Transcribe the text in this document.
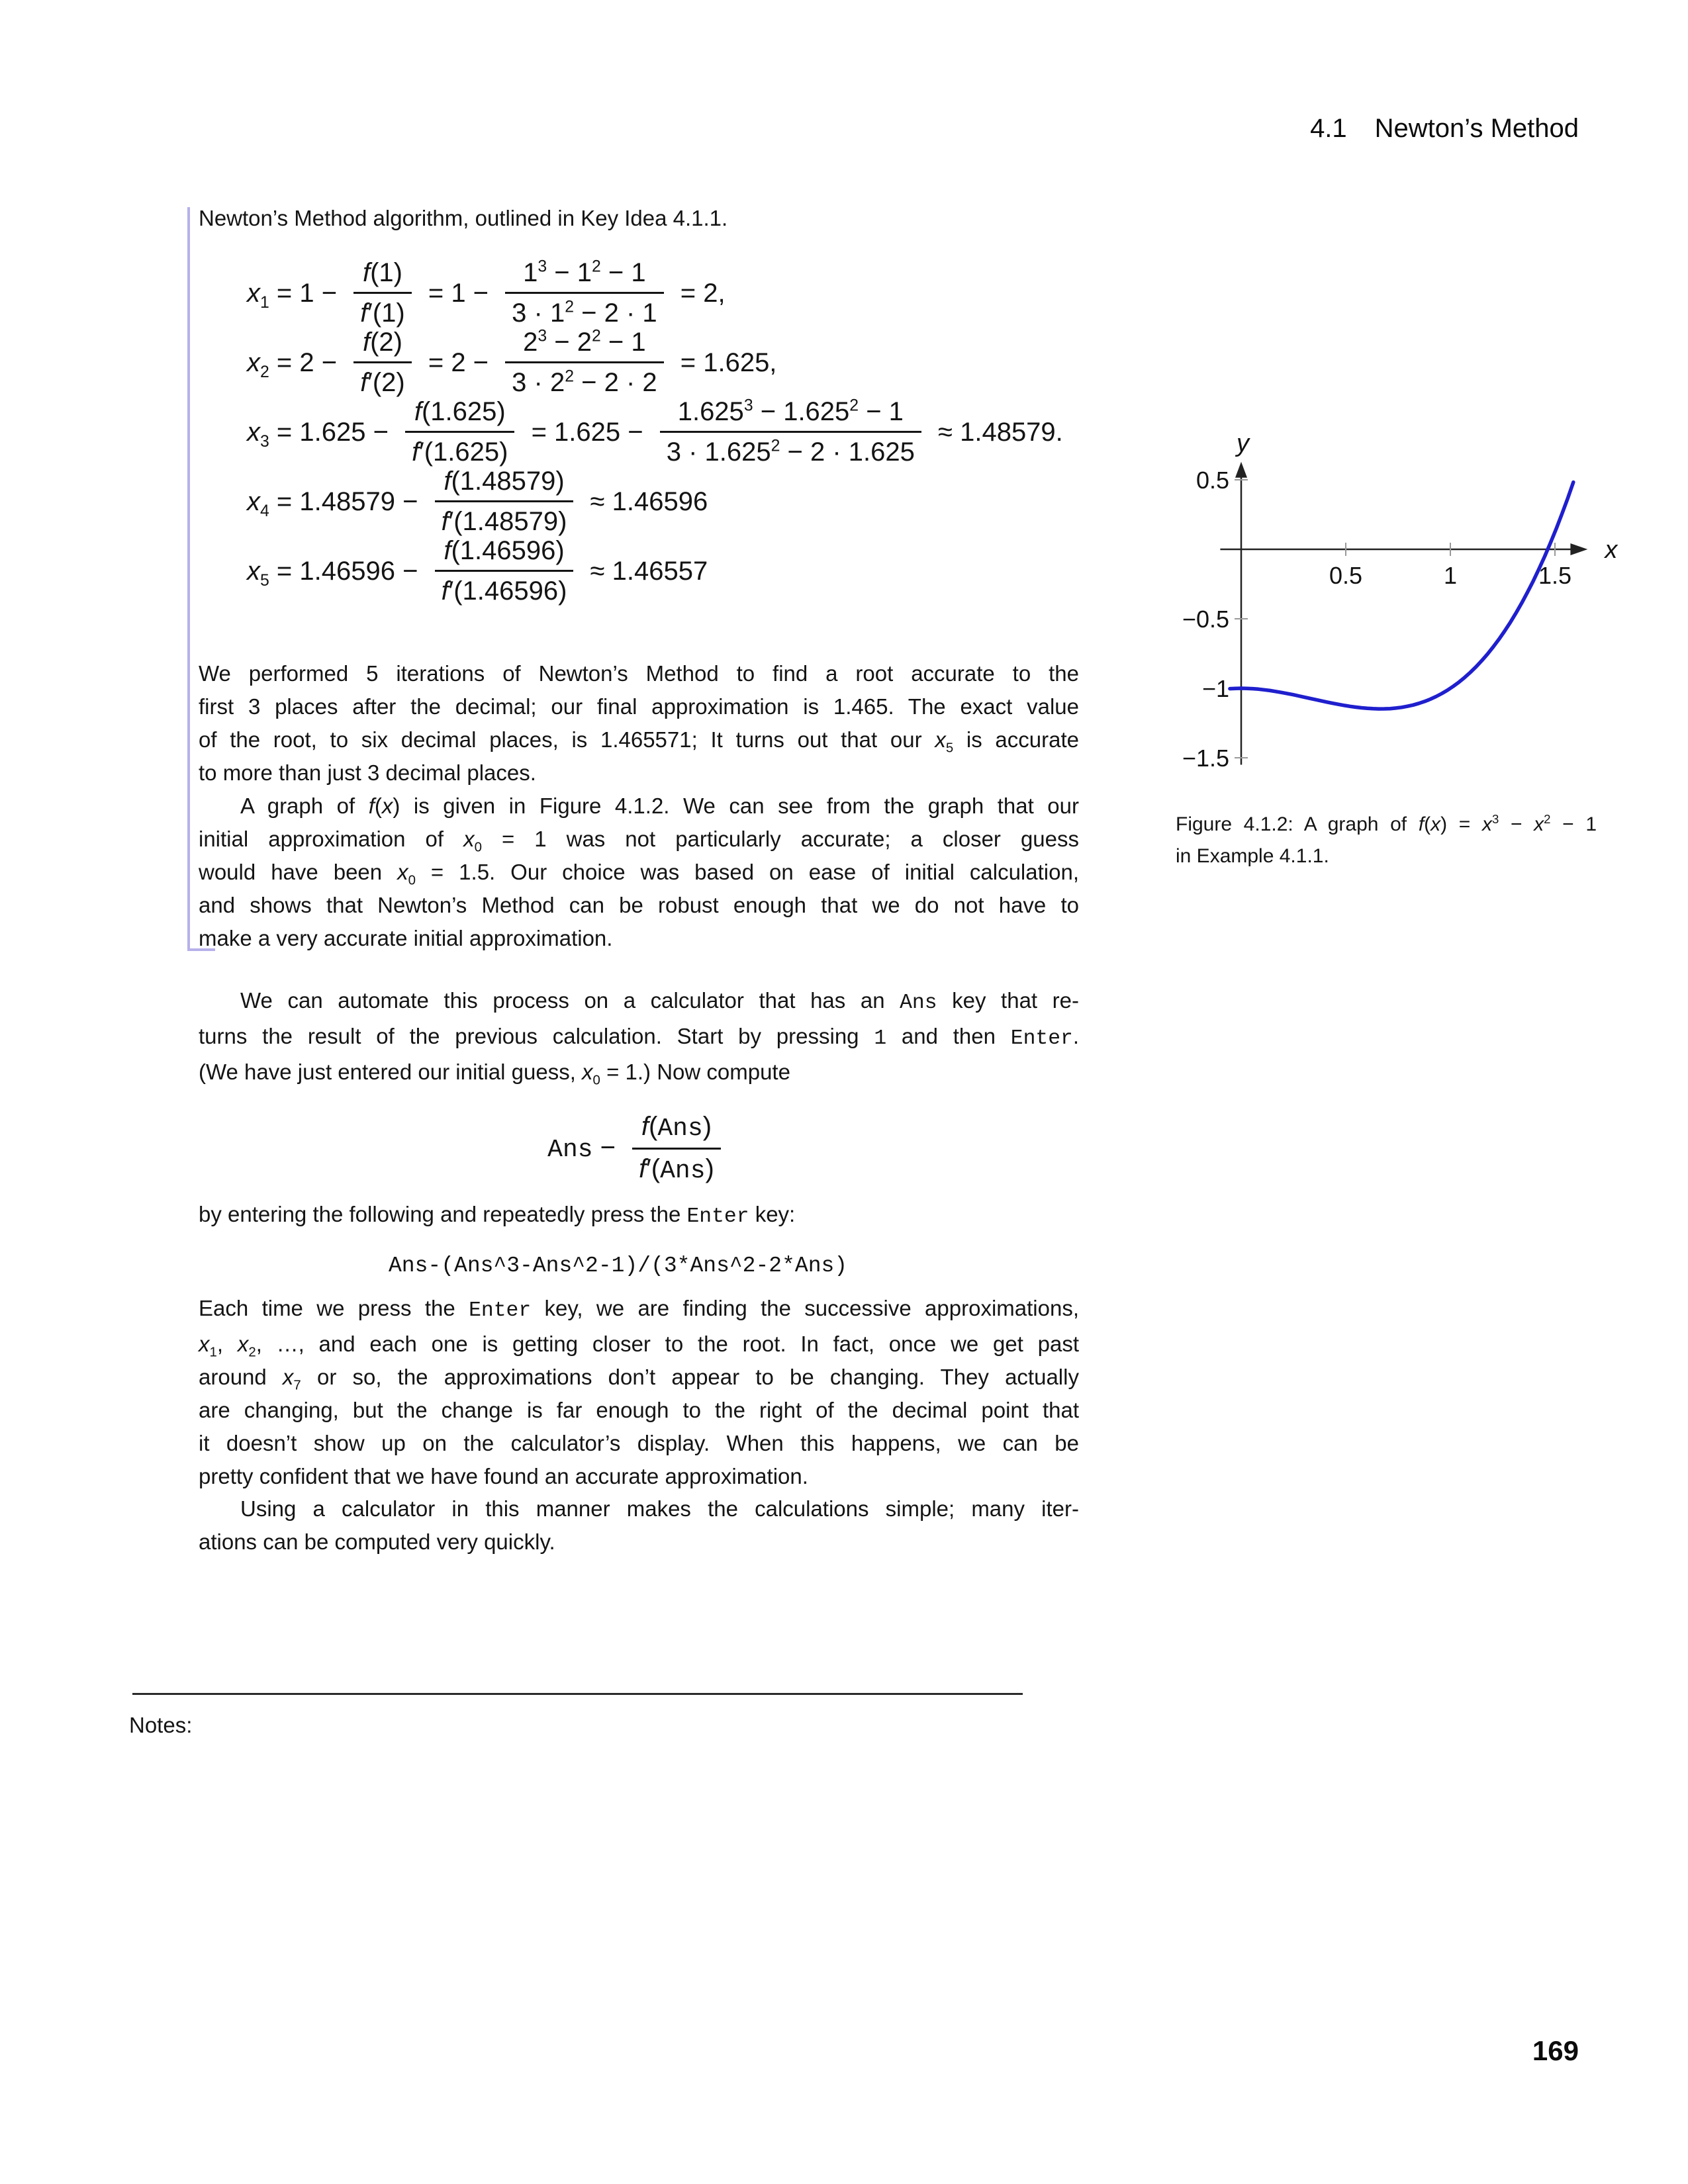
4.1 Newton’s Method
Newton’s Method algorithm, outlined in Key Idea 4.1.1.
$x_1 = 1 - \frac{f(1)}{f'(1)} = 1 - \frac{1^3 - 1^2 - 1}{3 \cdot 1^2 - 2 \cdot 1} = 2$,
$x_2 = 2 - \frac{f(2)}{f'(2)} = 2 - \frac{2^3 - 2^2 - 1}{3 \cdot 2^2 - 2 \cdot 2} = 1.625$,
$x_3 = 1.625 - \frac{f(1.625)}{f'(1.625)} = 1.625 - \frac{1.625^3 - 1.625^2 - 1}{3 \cdot 1.625^2 - 2 \cdot 1.625} \approx 1.48579$.
$x_4 = 1.48579 - \frac{f(1.48579)}{f'(1.48579)} \approx 1.46596$
$x_5 = 1.46596 - \frac{f(1.46596)}{f'(1.46596)} \approx 1.46557$
We performed 5 iterations of Newton’s Method to find a root accurate to the
first 3 places after the decimal; our final approximation is 1.465. The exact value
of the root, to six decimal places, is 1.465571; It turns out that our $x_5$ is accurate
to more than just 3 decimal places.
A graph of f(x) is given in Figure 4.1.2. We can see from the graph that our
initial approximation of $x_0 = 1$ was not particularly accurate; a closer guess
would have been $x_0 = 1.5$. Our choice was based on ease of initial calculation,
and shows that Newton’s Method can be robust enough that we do not have to
make a very accurate initial approximation.
0.5	1	1.5
0.5
−0.5
−1
−1.5
x
y
Figure 4.1.2: A graph of $f(x) = x^3 - x^2 - 1$
in Example 4.1.1.
We can automate this process on a calculator that has an Ans key that re-
turns the result of the previous calculation. Start by pressing 1 and then Enter.
(We have just entered our initial guess, $x_0 = 1$.) Now compute
Ans − $\frac{\text{f(Ans)}}{\text{f′(Ans)}}$
by entering the following and repeatedly press the Enter key:
Ans-(Ans^3-Ans^2-1)/(3*Ans^2-2*Ans)
Each time we press the Enter key, we are finding the successive approximations,
$x_1$, $x_2$, …, and each one is getting closer to the root. In fact, once we get past
around $x_7$ or so, the approximations don’t appear to be changing. They actually
are changing, but the change is far enough to the right of the decimal point that
it doesn’t show up on the calculator’s display. When this happens, we can be
pretty confident that we have found an accurate approximation.
Using a calculator in this manner makes the calculations simple; many iter-
ations can be computed very quickly.
Notes:
169
